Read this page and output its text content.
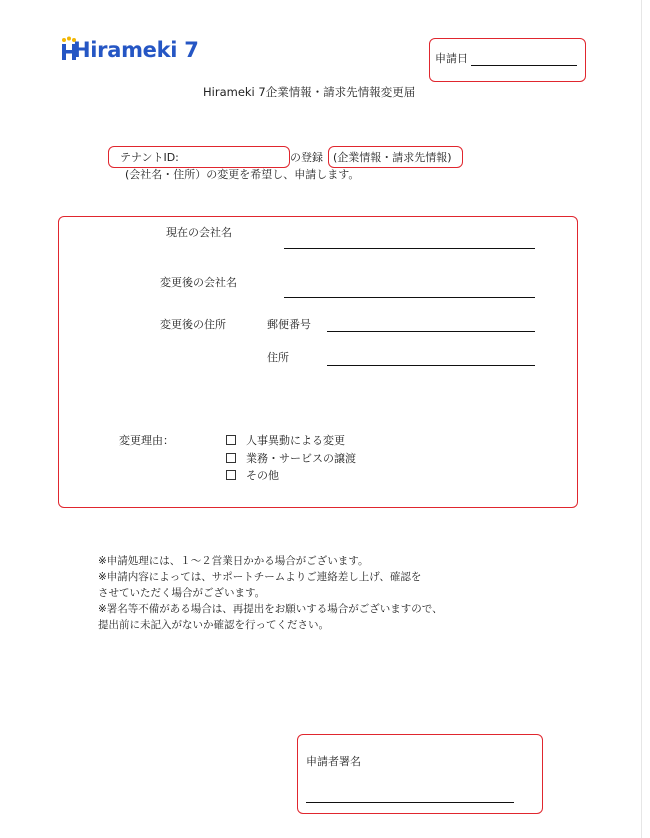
Hirameki 7	申請日
Hirameki 7企業情報・請求先情報変更届
テナントID:	の登録 (企業情報・請求先情報)
(会社名・住所）の変更を希望し、申請します。
現在の会社名
変更後の会社名
変更後の住所	郵便番号
住所
変更理由：	人事異動による変更
業務・サービスの譲渡
その他
※申請処理には、１～２営業日かかる場合がございます。
※申請内容によっては、サポートチームよりご連絡差し上げ、確認を
させていただく場合がございます。
※署名等不備がある場合は、再提出をお願いする場合がございますので、
提出前に未記入がないか確認を行ってください。
申請者署名
